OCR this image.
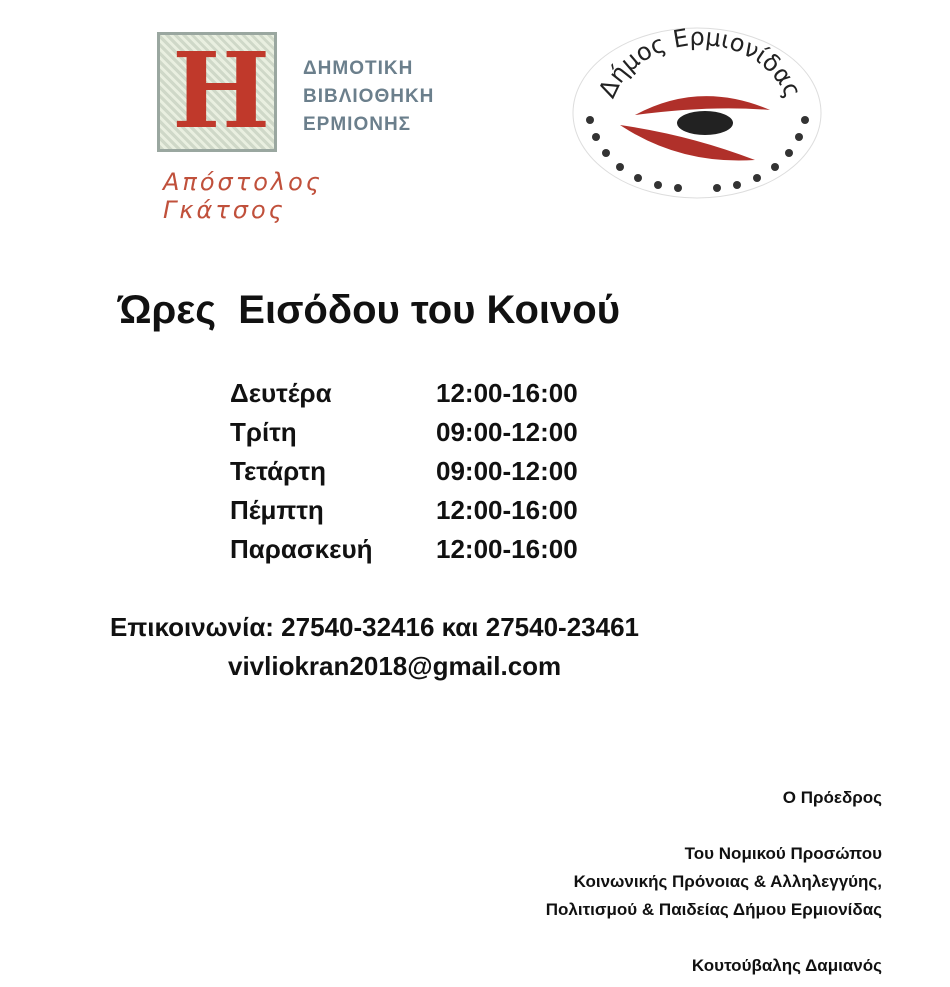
H ΔΗΜΟΤΙΚΗ
ΒΙΒΛΙΟΘΗΚΗ
ΕΡΜΙΟΝΗΣ
Απόστολος Γκάτσος
Δήμος Ερμιονίδας
Ώρες  Εισόδου του Κοινού
Δευτέρα	12:00-16:00
Τρίτη	09:00-12:00
Τετάρτη	09:00-12:00
Πέμπτη	12:00-16:00
Παρασκευή 12:00-16:00
Επικοινωνία: 27540-32416 και 27540-23461
vivliokran2018@gmail.com
Ο Πρόεδρος
Του Νομικού Προσώπου
Κοινωνικής Πρόνοιας & Αλληλεγγύης,
Πολιτισμού & Παιδείας Δήμου Ερμιονίδας
Κουτούβαλης Δαμιανός
